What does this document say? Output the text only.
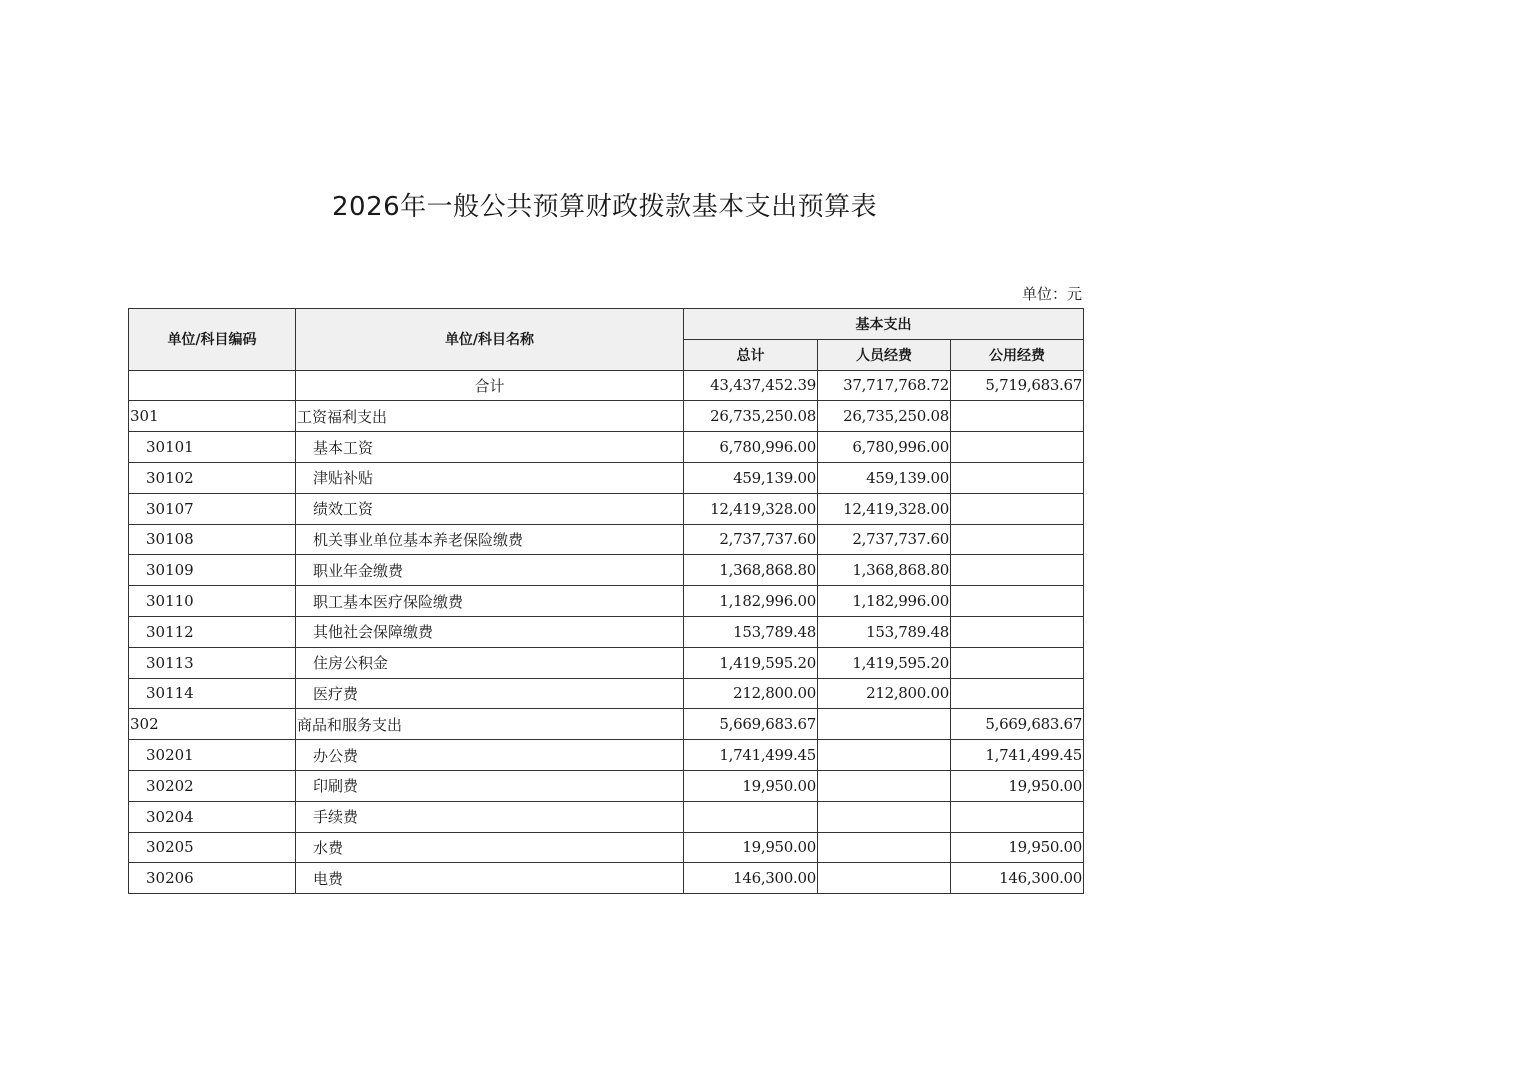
2026年一般公共预算财政拨款基本支出预算表
单位：元
单位/科目编码	单位/科目名称	基本支出		
		总计	人员经费	公用经费
	合计	43,437,452.39	37,717,768.72	5,719,683.67
301	工资福利支出	26,735,250.08	26,735,250.08	
30101	基本工资	6,780,996.00	6,780,996.00	
30102	津贴补贴	459,139.00	459,139.00	
30107	绩效工资	12,419,328.00	12,419,328.00	
30108	机关事业单位基本养老保险缴费	2,737,737.60	2,737,737.60	
30109	职业年金缴费	1,368,868.80	1,368,868.80	
30110	职工基本医疗保险缴费	1,182,996.00	1,182,996.00	
30112	其他社会保障缴费	153,789.48	153,789.48	
30113	住房公积金	1,419,595.20	1,419,595.20	
30114	医疗费	212,800.00	212,800.00	
302	商品和服务支出	5,669,683.67		5,669,683.67
30201	办公费	1,741,499.45		1,741,499.45
30202	印刷费	19,950.00		19,950.00
30204	手续费			
30205	水费	19,950.00		19,950.00
30206	电费	146,300.00		146,300.00
